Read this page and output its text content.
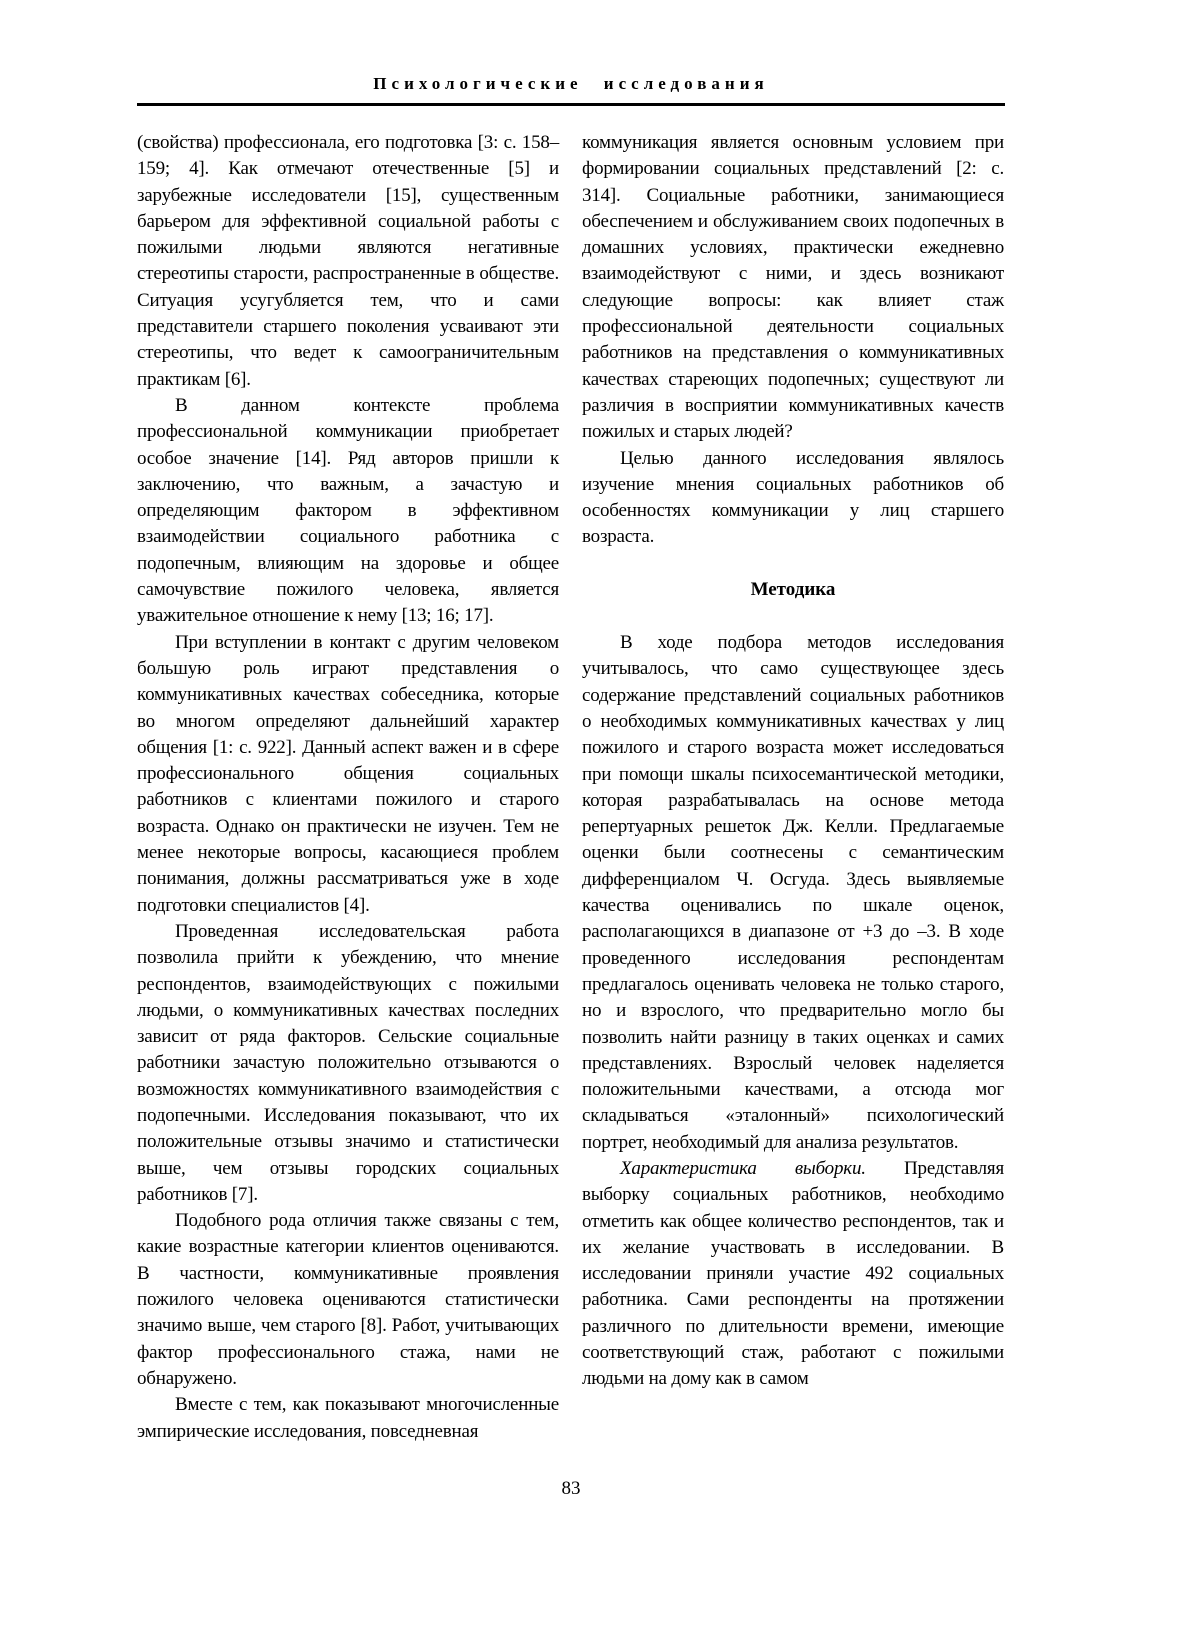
Психологические исследования

(свойства) профессионала, его подготовка [3: с. 158–159; 4]. Как отмечают отечественные [5] и зарубежные исследователи [15], существенным барьером для эффективной социальной работы с пожилыми людьми являются негативные стереотипы старости, распространенные в обществе. Ситуация усугубляется тем, что и сами представители старшего поколения усваивают эти стереотипы, что ведет к самоограничительным практикам [6].

В данном контексте проблема профессиональной коммуникации приобретает особое значение [14]. Ряд авторов пришли к заключению, что важным, а зачастую и определяющим фактором в эффективном взаимодействии социального работника с подопечным, влияющим на здоровье и общее самочувствие пожилого человека, является уважительное отношение к нему [13; 16; 17].

При вступлении в контакт с другим человеком большую роль играют представления о коммуникативных качествах собеседника, которые во многом определяют дальнейший характер общения [1: с. 922]. Данный аспект важен и в сфере профессионального общения социальных работников с клиентами пожилого и старого возраста. Однако он практически не изучен. Тем не менее некоторые вопросы, касающиеся проблем понимания, должны рассматриваться уже в ходе подготовки специалистов [4].

Проведенная исследовательская работа позволила прийти к убеждению, что мнение респондентов, взаимодействующих с пожилыми людьми, о коммуникативных качествах последних зависит от ряда факторов. Сельские социальные работники зачастую положительно отзываются о возможностях коммуникативного взаимодействия с подопечными. Исследования показывают, что их положительные отзывы значимо и статистически выше, чем отзывы городских социальных работников [7].

Подобного рода отличия также связаны с тем, какие возрастные категории клиентов оцениваются. В частности, коммуникативные проявления пожилого человека оцениваются статистически значимо выше, чем старого [8]. Работ, учитывающих фактор профессионального стажа, нами не обнаружено.

Вместе с тем, как показывают многочисленные эмпирические исследования, повседневная

коммуникация является основным условием при формировании социальных представлений [2: с. 314]. Социальные работники, занимающиеся обеспечением и обслуживанием своих подопечных в домашних условиях, практически ежедневно взаимодействуют с ними, и здесь возникают следующие вопросы: как влияет стаж профессиональной деятельности социальных работников на представления о коммуникативных качествах стареющих подопечных; существуют ли различия в восприятии коммуникативных качеств пожилых и старых людей?

Целью данного исследования являлось изучение мнения социальных работников об особенностях коммуникации у лиц старшего возраста.

Методика

В ходе подбора методов исследования учитывалось, что само существующее здесь содержание представлений социальных работников о необходимых коммуникативных качествах у лиц пожилого и старого возраста может исследоваться при помощи шкалы психосемантической методики, которая разрабатывалась на основе метода репертуарных решеток Дж. Келли. Предлагаемые оценки были соотнесены с семантическим дифференциалом Ч. Осгуда. Здесь выявляемые качества оценивались по шкале оценок, располагающихся в диапазоне от +3 до –3. В ходе проведенного исследования респондентам предлагалось оценивать человека не только старого, но и взрослого, что предварительно могло бы позволить найти разницу в таких оценках и самих представлениях. Взрослый человек наделяется положительными качествами, а отсюда мог складываться «эталонный» психологический портрет, необходимый для анализа результатов.

Характеристика выборки. Представляя выборку социальных работников, необходимо отметить как общее количество респондентов, так и их желание участвовать в исследовании. В исследовании приняли участие 492 социальных работника. Сами респонденты на протяжении различного по длительности времени, имеющие соответствующий стаж, работают с пожилыми людьми на дому как в самом

83
